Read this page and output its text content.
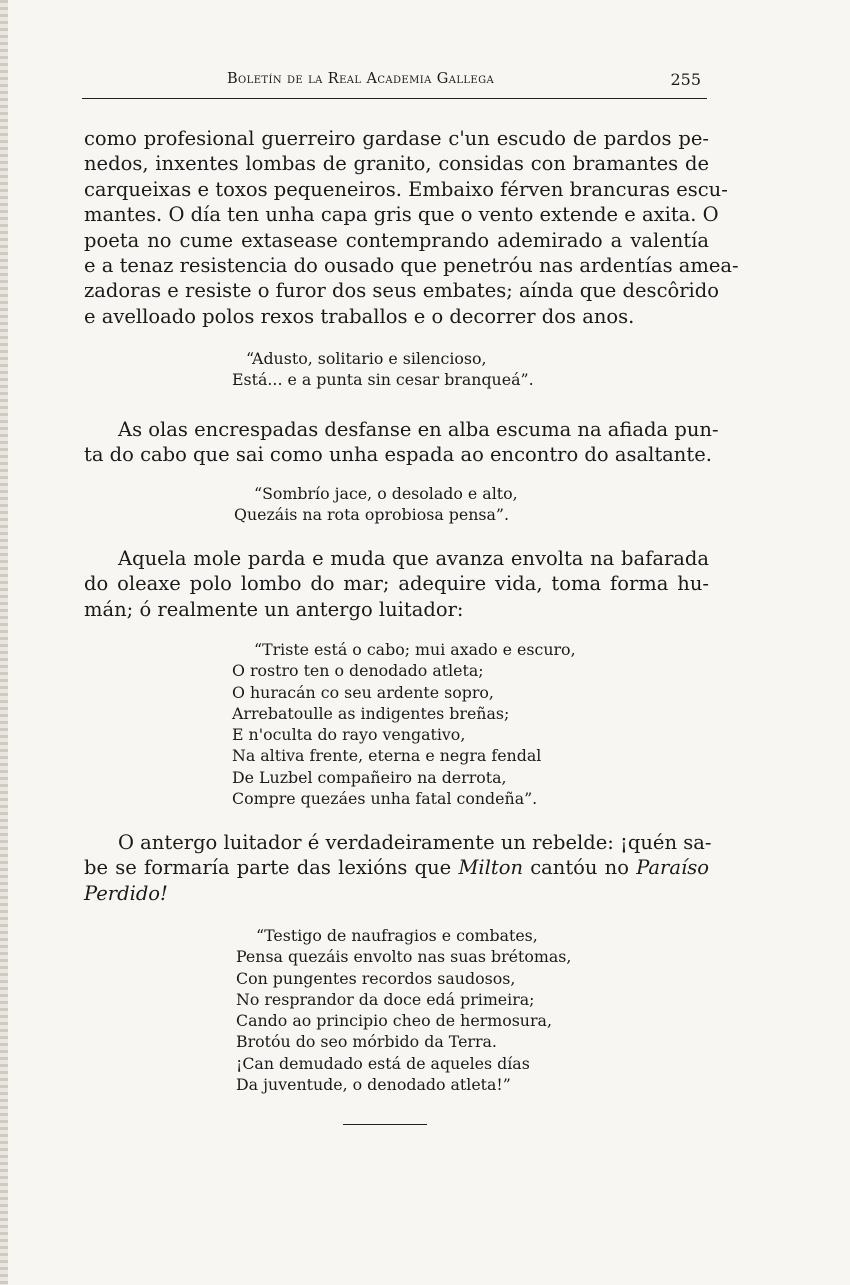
Boletín de la Real Academia Gallega	255
como profesional guerreiro gardase c'un escudo de pardos pe-
nedos, inxentes lombas de granito, considas con bramantes de
carqueixas e toxos pequeneiros. Embaixo férven brancuras escu-
mantes. O día ten unha capa gris que o vento extende e axita. O
poeta no cume extasease contemprando ademirado a valentía
e a tenaz resistencia do ousado que penetróu nas ardentías amea-
zadoras e resiste o furor dos seus embates; aínda que descôrido
e avelloado polos rexos traballos e o decorrer dos anos.
“Adusto, solitario e silencioso,
Está... e a punta sin cesar branqueá”.
As olas encrespadas desfanse en alba escuma na afiada pun-
ta do cabo que sai como unha espada ao encontro do asaltante.
“Sombrío jace, o desolado e alto,
Quezáis na rota oprobiosa pensa”.
Aquela mole parda e muda que avanza envolta na bafarada
do oleaxe polo lombo do mar; adequire vida, toma forma hu-
mán; ó realmente un antergo luitador:
“Triste está o cabo; mui axado e escuro,
O rostro ten o denodado atleta;
O huracán co seu ardente sopro,
Arrebatoulle as indigentes breñas;
E n'oculta do rayo vengativo,
Na altiva frente, eterna e negra fendal
De Luzbel compañeiro na derrota,
Compre quezáes unha fatal condeña”.
O antergo luitador é verdadeiramente un rebelde: ¡quén sa-
be se formaría parte das lexións que Milton cantóu no Paraíso
Perdido!
“Testigo de naufragios e combates,
Pensa quezáis envolto nas suas brétomas,
Con pungentes recordos saudosos,
No resprandor da doce edá primeira;
Cando ao principio cheo de hermosura,
Brotóu do seo mórbido da Terra.
¡Can demudado está de aqueles días
Da juventude, o denodado atleta!”
